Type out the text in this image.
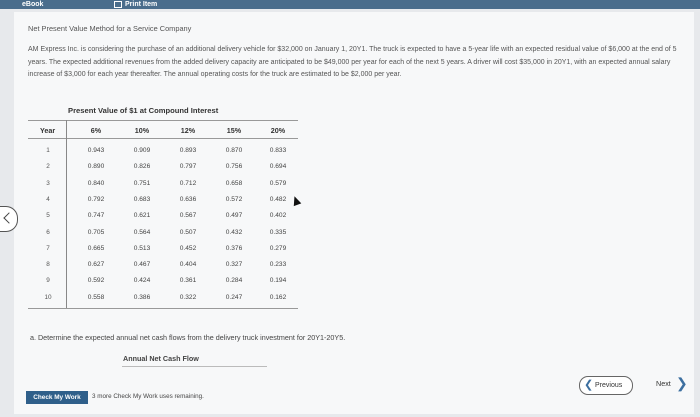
eBook	Print Item
Net Present Value Method for a Service Company
AM Express Inc. is considering the purchase of an additional delivery vehicle for $32,000 on January 1, 20Y1. The truck is expected to have a 5-year life with an expected residual value of $6,000 at the end of 5 years. The expected additional revenues from the added delivery capacity are anticipated to be $49,000 per year for each of the next 5 years. A driver will cost $35,000 in 20Y1, with an expected annual salary increase of $3,000 for each year thereafter. The annual operating costs for the truck are estimated to be $2,000 per year.
Present Value of $1 at Compound Interest
Year	6%	10%	12%	15%	20%
1	0.943	0.909	0.893	0.870	0.833
2	0.890	0.826	0.797	0.756	0.694
3	0.840	0.751	0.712	0.658	0.579
4	0.792	0.683	0.636	0.572	0.482
5	0.747	0.621	0.567	0.497	0.402
6	0.705	0.564	0.507	0.432	0.335
7	0.665	0.513	0.452	0.376	0.279
8	0.627	0.467	0.404	0.327	0.233
9	0.592	0.424	0.361	0.284	0.194
10	0.558	0.386	0.322	0.247	0.162
a. Determine the expected annual net cash flows from the delivery truck investment for 20Y1-20Y5.
Annual Net Cash Flow
Check My Work	3 more Check My Work uses remaining.
❮ Previous	Next ❯
